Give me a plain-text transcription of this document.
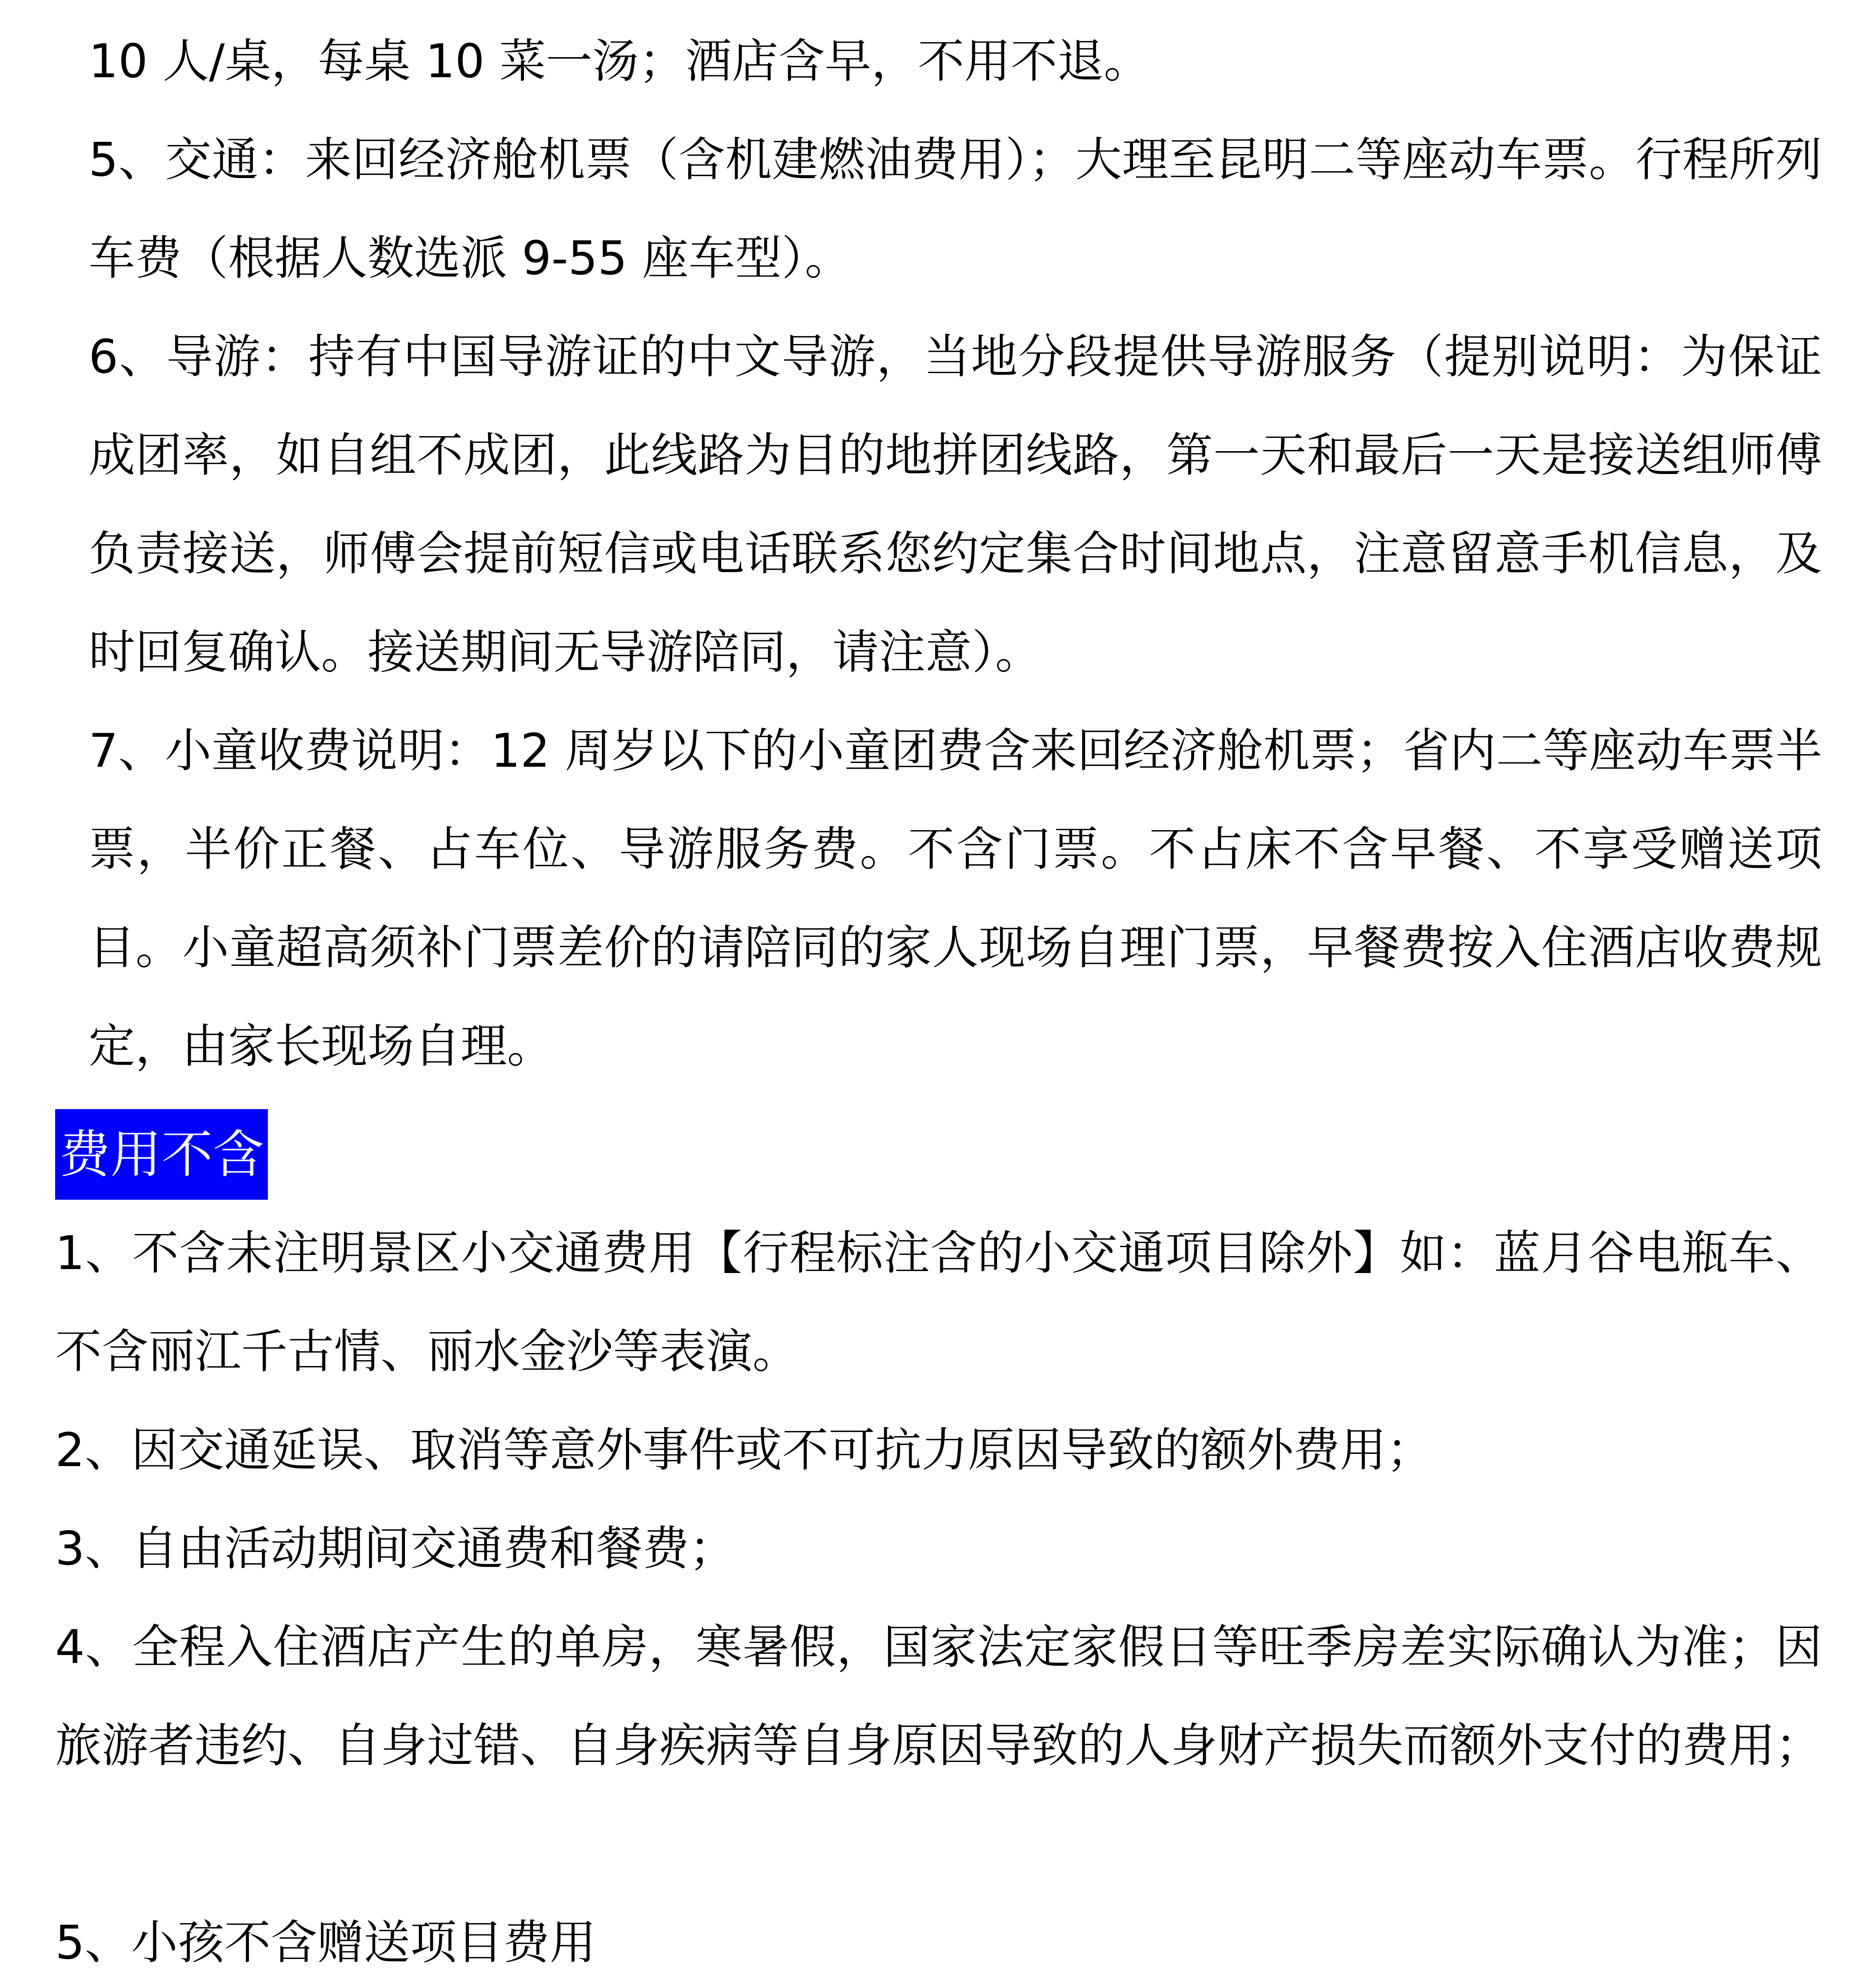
10 人/桌，每桌 10 菜一汤；酒店含早，不用不退。

5、交通：来回经济舱机票（含机建燃油费用）；大理至昆明二等座动车票。行程所列车费（根据人数选派 9-55 座车型）。

6、导游：持有中国导游证的中文导游，当地分段提供导游服务（提别说明：为保证成团率，如自组不成团，此线路为目的地拼团线路，第一天和最后一天是接送组师傅负责接送，师傅会提前短信或电话联系您约定集合时间地点，注意留意手机信息，及时回复确认。接送期间无导游陪同，请注意）。

7、小童收费说明：12 周岁以下的小童团费含来回经济舱机票；省内二等座动车票半票，半价正餐、占车位、导游服务费。不含门票。不占床不含早餐、不享受赠送项目。小童超高须补门票差价的请陪同的家人现场自理门票，早餐费按入住酒店收费规定，由家长现场自理。

费用不含

1、不含未注明景区小交通费用【行程标注含的小交通项目除外】如：蓝月谷电瓶车、不含丽江千古情、丽水金沙等表演。

2、因交通延误、取消等意外事件或不可抗力原因导致的额外费用；

3、自由活动期间交通费和餐费；

4、全程入住酒店产生的单房，寒暑假，国家法定家假日等旺季房差实际确认为准；因旅游者违约、自身过错、自身疾病等自身原因导致的人身财产损失而额外支付的费用；

5、小孩不含赠送项目费用
